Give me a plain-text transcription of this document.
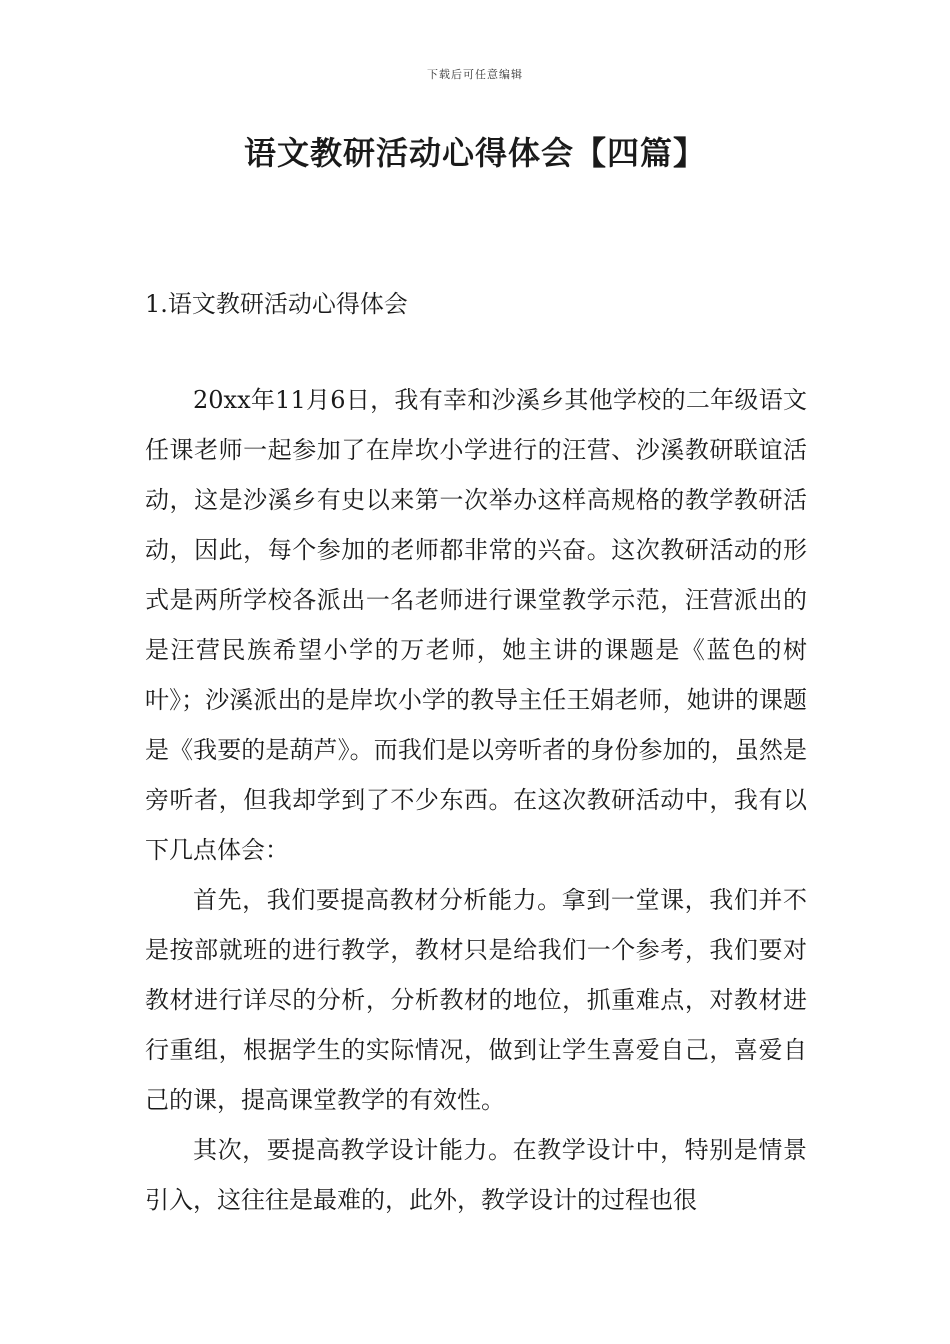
下载后可任意编辑
语文教研活动心得体会【四篇】
1.语文教研活动心得体会

20xx年11月6日，我有幸和沙溪乡其他学校的二年级语文任课老师一起参加了在岸坎小学进行的汪营、沙溪教研联谊活动，这是沙溪乡有史以来第一次举办这样高规格的教学教研活动，因此，每个参加的老师都非常的兴奋。这次教研活动的形式是两所学校各派出一名老师进行课堂教学示范，汪营派出的是汪营民族希望小学的万老师，她主讲的课题是《蓝色的树叶》；沙溪派出的是岸坎小学的教导主任王娟老师，她讲的课题是《我要的是葫芦》。而我们是以旁听者的身份参加的，虽然是旁听者，但我却学到了不少东西。在这次教研活动中，我有以下几点体会：

首先，我们要提高教材分析能力。拿到一堂课，我们并不是按部就班的进行教学，教材只是给我们一个参考，我们要对教材进行详尽的分析，分析教材的地位，抓重难点，对教材进行重组，根据学生的实际情况，做到让学生喜爱自己，喜爱自己的课，提高课堂教学的有效性。

其次，要提高教学设计能力。在教学设计中，特别是情景引入，这往往是最难的，此外，教学设计的过程也很
